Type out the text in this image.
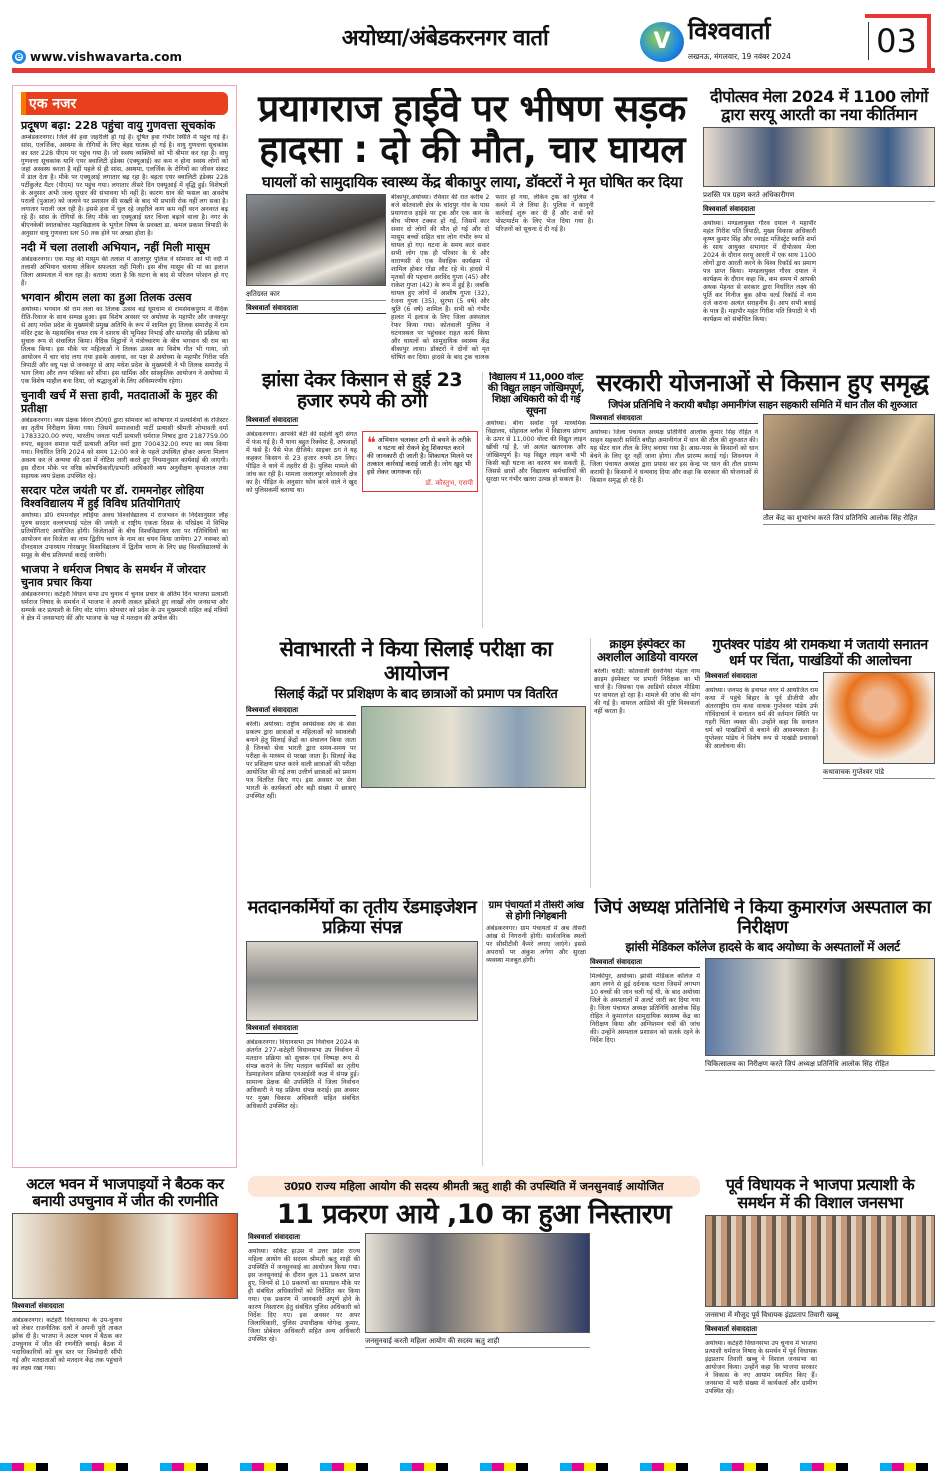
अयोध्या/अंबेडकरनगर वार्ता
e www.vishwavarta.com
V विश्ववार्ता
लखनऊ, मंगलवार, 19 नवंबर 2024	03
एक नजर
प्रदूषण बढ़ा: 228 पहुंचा वायु गुणवत्ता सूचकांक
अम्बेडकरनगर। जिले की हवा जहरीली हो गई है। दूषित हवा गंभीर स्थिति में पहुंच गई है। सांस, एलर्जिक, अस्थमा के रोगियों के लिए बेहद घातक हो गई है। वायु गुणवत्ता सूचकांक का स्तर 228 पीएम पर पहुंच गया है। जो स्वस्थ व्यक्तियों को भी बीमार कर रहा है। वायु गुणवत्ता सूचकांक यानि एयर क्वालिटी इंडेक्स (एक्यूआई) का कम न होना स्वस्थ लोगों को जहां अस्वस्थ करता है वहीं पहले से ही सांस, अस्थमा, एलर्जिक के रोगियों का जीवन संकट में डाल देता है। मौके पर एक्यूआई लगातार बढ़ रहा है। बढ़ता एयर क्वालिटी इंडेक्स 228 पर्टीकुलेट मैटर (पीएम) पर पहुंच गया। लगातार तीसरे दिन एक्यूआई में वृद्धि हुई। विशेषज्ञों के अनुसार अभी जल्द सुधार की संभावना भी नहीं है। कारण धान की फसल का अवशेष पराली (पुआल) को जलाने पर प्रशासन की सख्ती के बाद भी प्रभावी रोक नहीं लग सका है। लगातार पराली जल रही है। इससे हवा में घुल रहे जहरीले कण कम नहीं वरन अनवरत बढ़ रहे हैं। सांस के रोगियों के लिए मौके का एक्यूआई स्तर चिन्ता बढ़ाने वाला है। नगर के बीएनकेबी स्नातकोत्तर महाविद्यालय के भूगोल विषय के प्रवक्ता डा. कमल प्रकाश त्रिपाठी के अनुसार वायु गुणवत्ता स्तर 50 तक होने पर अच्छा होता है।
नदी में चला तलाशी अभियान, नहीं मिली मासूम
अंबेडकरनगर। एक माह की मासूम की तलाश में आलापुर पुलिस ने सोमवार को भी नदी में तलाशी अभियान चलाया लेकिन सफलता नहीं मिली। इस बीच मासूम की मां का इलाज जिला अस्पताल में चल रहा है। बताया जाता है कि घटना के बाद से परिजन परेशान हो गए हैं।
भगवान श्रीराम लला का हुआ तिलक उत्सव
अयोध्या। भगवान श्री राम लला का तिलक उत्सव बड़े धूमधाम से रामसेवकपुरम में वैदिक रीति-रिवाज के साथ सम्पन्न हुआ। इस विशेष अवसर पर अयोध्या के महापौर और जनकपुर से आए मधेश प्रदेश के मुख्यमंत्री प्रमुख अतिथि के रूप में शामिल हुए तिलक समारोह में राम मंदिर ट्रस्ट के महासचिव चंपत राय ने दशरथ की भूमिका निभाई और समारोह की प्रक्रिया को सुचारु रूप से संचालित किया। वैदिक विद्वानों ने मंत्रोच्चारण के बीच भगवान श्री राम का तिलक किया। इस मौके पर महिलाओं ने तिलक उत्सव का विशेष गीत भी गाया, जो आयोजन में चार चांद लगा गया इसके अलावा, वर पक्ष से अयोध्या के महापौर गिरीश पति त्रिपाठी और वधू पक्ष से जनकपुर से आए मधेश प्रदेश के मुख्यमंत्री ने भी तिलक समारोह में भाग लिया और लग्न पत्रिका को सौंपा। इस धार्मिक और सांस्कृतिक आयोजन ने अयोध्या में एक विशेष माहौल बना दिया, जो श्रद्धालुओं के लिए अविस्मरणीय रहेगा।
चुनावी खर्च में सत्ता हावी, मतदाताओं के मुहर की प्रतीक्षा
अंबेडकरनगर। व्यय प्रेक्षक किरन टी0ए0 द्वारा सोमवार को कोषागार में प्रत्याशियों के रजिस्टर का तृतीय निरीक्षण किया गया। जिसमें समाजवादी पार्टी प्रत्याशी श्रीमती शोभावती वर्मा 1783320.00 रुपए, भारतीय जनता पार्टी प्रत्याशी धर्मराज निषाद द्वारा 2187759.00 रुपए, बहुजन समाज पार्टी प्रत्याशी अमित वर्मा द्वारा 700432.00 रुपए का व्यय किया गया। निर्धारित तिथि 2024 को समय 12:00 बजे के पहले उपस्थित होकर अपना मिलान अवश्य कर ले अन्यथा की दशा में नोटिस जारी करते हुए नियमानुसार कार्यवाई की जाएगी। इस दौरान मौके पर वरिष्ठ कोषाधिकारी/प्रभारी अधिकारी व्यय अनुवीक्षण कृपालाल तथा सहायक व्यय प्रेक्षक उपस्थित रहे।
सरदार पटेल जयंती पर डॉ. राममनोहर लोहिया विश्वविद्यालय में हुई विविध प्रतियोगिताएं
अयोध्या। डॉ0 राममनोहर लोहिया अवध विश्वविद्यालय में राजभवन के निर्देशानुसार लौह पुरुष सरदार वल्लभभाई पटेल की जयंती व राष्ट्रीय एकता दिवस के परिप्रेक्ष्य में विभिन्न प्रतियोगिताएं आयोजित होंगी। विजेताओं के बीच विश्वविद्यालय स्तर पर गतिविधियों का आयोजन कर विजेता का नाम द्वितीय चरण के नाम का चयन किया जायेगा। 27 नवम्बर को दीनदयाल उपाध्याय गोरखपुर विश्वविद्यालय में द्वितीय चरण के लिए छह विश्वविद्यालयों के समूह के बीच प्रतिस्पर्धा कराई जायेगी।
भाजपा ने धर्मराज निषाद के समर्थन में जोरदार चुनाव प्रचार किया
अंबेडकरनगर। कटेहरी विधान सभा उप चुनाव में चुनाव प्रचार के अंतिम दिन भाजपा प्रत्याशी धर्मराज निषाद के समर्थन में भाजपा ने अपनी ताकत झोंकते हुए लाखों लोग जनसभा और सम्पर्क कर प्रत्याशी के लिए वोट मांगा। सोमवार को प्रदेश के उप मुख्यमंत्री सहित कई मंत्रियों ने क्षेत्र में जनसभाएं कीं और भाजपा के पक्ष में मतदान की अपील की।
प्रयागराज हाईवे पर भीषण सड़क हादसा : दो की मौत, चार घायल
घायलों को सामुदायिक स्वास्थ्य केंद्र बीकापुर लाया, डॉक्टरों ने मृत घोषित कर दिया
क्षतिग्रस्त कार
विश्ववार्ता संवाददाता
बीकापुर,अयोध्या। रविवार की रात करीब 2 बजे कोतवाली क्षेत्र के चांदपुर गांव के पास प्रयागराज हाईवे पर ट्रक और एक कार के बीच भीषण टक्कर हो गई, जिसमें कार सवार दो लोगों की मौत हो गई और दो मासूम बच्चों सहित चार लोग गंभीर रूप से घायल हो गए। घटना के समय कार सवार सभी लोग एक ही परिवार के थे और वाराणसी से एक वैवाहिक कार्यक्रम में शामिल होकर गोंडा लौट रहे थे। हादसे में मृतकों की पहचान अरविंद गुप्ता (45) और राकेश गुप्ता (42) के रूप में हुई है। जबकि घायल हुए लोगों में आशीष गुप्ता (32), रंजना गुप्ता (35), सुरभा (5 वर्ष) और श्रुति (6 वर्ष) शामिल हैं। सभी को गंभीर हालत में इलाज के लिए जिला अस्पताल रेफर किया गया। कोतवाली पुलिस ने घटनास्थल पर पहुंचकर राहत कार्य किया और घायलों को सामुदायिक स्वास्थ्य केंद्र बीकापुर लाया। डॉक्टरों ने दोनों को मृत घोषित कर दिया। हादसे के बाद ट्रक चालक फरार हो गया, लेकिन ट्रक को पुलिस ने कब्जे में ले लिया है। पुलिस ने कानूनी कार्रवाई शुरू कर दी है और शवों को पोस्टमार्टम के लिए भेज दिया गया है। परिजनों को सूचना दे दी गई है।
दीपोत्सव मेला 2024 में 1100 लोगों द्वारा सरयू आरती का नया कीर्तिमान
प्रशस्ति पत्र ग्रहण करते अधिकारीगण
विश्ववार्ता संवाददाता
अयोध्या। मण्डलायुक्त गौरव दयाल ने महापौर महंत गिरीश पति त्रिपाठी, मुख्य विकास अधिकारी कृष्ण कुमार सिंह और ज्वाइंट मजिस्ट्रेट स्वाति शर्मा के साथ आयुक्त सभागार में दीपोत्सव मेला 2024 के दौरान सरयू आरती में एक साथ 1100 लोगों द्वारा आरती करने के विश्व रिकॉर्ड का प्रमाण पत्र प्राप्त किया। मण्डलायुक्त गौरव दयाल ने कार्यक्रम के दौरान कहा कि, कम समय में आपकी अथक मेहनत से सरकार द्वारा निर्धारित लक्ष्य की पूर्ति कर गिनीज बुक ऑफ वर्ल्ड रिकॉर्ड में नाम दर्ज कराना अत्यंत सराहनीय है। आप सभी बधाई के पात्र हैं। महापौर महंत गिरीश पति त्रिपाठी ने भी कार्यक्रम को संबोधित किया।
झांसा देकर किसान से हुई 23 हजार रुपये की ठगी
विश्ववार्ता संवाददाता
अंबेडकरनगर। आपकी बेटी की सहेली बुरी संगत में फंस गई है। मैं थाना बहुत रिक्वेस्ट है, अफवाहों में फंसे हैं। पैसे भेज दीजिये। साइबर ठग ने यह कहकर किसान से 23 हजार रुपये ठग लिए। पीड़ित ने थाने में तहरीर दी है। पुलिस मामले की जांच कर रही है। मामला जलालपुर कोतवाली क्षेत्र का है। पीड़ित के अनुसार फोन करने वाले ने खुद को पुलिसकर्मी बताया था।
❝ अभियान चलाकर ठगी से बचने के तरीके व घटना को रोकने हेतु शिकायत करने की जानकारी दी जाती है। शिकायत मिलने पर तत्काल कार्रवाई कराई जाती है। लोग खुद भी इसे लेकर जागरूक रहें।
डॉ. कौस्तुभ, एसपी
विद्यालय में 11,000 वोल्ट की विद्युत लाइन जोखिमपूर्ण, शिक्षा अधिकारी को दी गई सूचना
अयोध्या। बीना सर्वांश पूर्व माध्यमिक विद्यालय, सोहावल ब्लॉक में विद्यालय प्रांगण के ऊपर से 11,000 वोल्ट की विद्युत लाइन खींची गई है, जो अत्यंत खतरनाक और जोखिमपूर्ण है। यह विद्युत लाइन कभी भी किसी बड़ी घटना का कारण बन सकती है, जिससे छात्रों और विद्यालय कर्मचारियों की सुरक्षा पर गंभीर खतरा उत्पन्न हो सकता है।
सरकारी योजनाओं से किसान हुए समृद्ध
जिपंअ प्रतिनिधि ने करायी बघौड़ा अमानीगंज साहन सहकारी समिति में धान तौल की शुरुआत
विश्ववार्ता संवाददाता
अयोध्या। जिला पंचायत अध्यक्ष प्रतिनिधि आलोक कुमार सिंह रोहित ने साहन सहकारी समिति बघौड़ा अमानीगंज में धान की तौल की शुरुआत की। यह सेंटर धान तौल के लिए बनाया गया है। आस-पास के किसानों को धान बेचने के लिए दूर नहीं जाना होगा। तौल प्रारम्भ कराई गई। शिवनयन ने जिला पंचायत अध्यक्ष द्वारा प्रयास कर इस केन्द्र पर धान की तौल प्रारम्भ करायी है। किसानों ने धन्यवाद दिया और कहा कि सरकार की योजनाओं से किसान समृद्ध हो रहे हैं।
तौल केंद्र का शुभारंभ करते जिपं प्रतिनिधि आलोक सिंह रोहित
सेवाभारती ने किया सिलाई परीक्षा का आयोजन
सिलाई केंद्रों पर प्रशिक्षण के बाद छात्राओं को प्रमाण पत्र वितरित
विश्ववार्ता संवाददाता
बरेली। अयोध्या: राष्ट्रीय स्वयंसेवक संघ के सेवा प्रकल्प द्वारा छात्राओं व महिलाओं को स्वावलंबी बनाने हेतु सिलाई केंद्रों का संचालन किया जाता है जिनको सेवा भारती द्वारा समय-समय पर परीक्षा के माध्यम से परखा जाता है। सिलाई केंद्र पर प्रशिक्षण प्राप्त करने वाली छात्राओं की परीक्षा आयोजित की गई तथा उत्तीर्ण छात्राओं को प्रमाण पत्र वितरित किए गए। इस अवसर पर सेवा भारती के कार्यकर्ता और बड़ी संख्या में छात्राएं उपस्थित रहीं।
क्राइम इंस्पेक्टर का अशलील आडियो वायरल
बरेली। चरेड़ी: कोतवाली देवरनियां मेहता नाथ क्राइम इंस्पेक्टर पर प्रभारी निरीक्षक का भी चार्ज है। जिसका एक आडियो सोशल मीडिया पर वायरल हो रहा है। मामले की जांच की मांग की गई है। वायरल आडियो की पुष्टि विश्ववार्ता नहीं करता है।
गुप्तेश्वर पांडेय श्री रामकथा में जतायी सनातन धर्म पर चिंता, पाखंडियों की आलोचना
विश्ववार्ता संवाददाता
अयोध्या। जनपद के इनायत नगर में आयोजित राम कथा में पहुंचे बिहार के पूर्व डीजीपी और अंतरराष्ट्रीय राम कथा वाचक गुप्तेश्वर पांडेय उर्फ गोविंदाचार्य ने सनातन धर्म की वर्तमान स्थिति पर गहरी चिंता व्यक्त की। उन्होंने कहा कि सनातन धर्म को पाखंडियों से बचाने की आवश्यकता है। गुप्तेश्वर पांडेय ने विशेष रूप से पाखंडी प्रचारकों की आलोचना की।
कथावाचक गुप्तेश्वर पांडे
मतदानकर्मियों का तृतीय रेंडमाइजेशन प्रक्रिया संपन्न
विश्ववार्ता संवाददाता
अंबेडकरनगर। विधानसभा उप निर्वाचन 2024 के अंतर्गत 277-कटेहरी विधानसभा उप निर्वाचन में मतदान प्रक्रिया को सुचारू एवं निष्पक्ष रूप से संपन्न कराने के लिए मतदान कार्मिकों का तृतीय रेंडमाइजेशन प्रक्रिया एनआईसी कक्ष में संपन्न हुई। सामान्य प्रेक्षक की उपस्थिति में जिला निर्वाचन अधिकारी ने यह प्रक्रिया संपन्न कराई। इस अवसर पर मुख्य विकास अधिकारी सहित संबंधित अधिकारी उपस्थित रहे।
ग्राम पंचायतों में तीसरी आंख से होगी निगेहबानी
अंबेडकरनगर। ग्राम पंचायतों में अब तीसरी आंख से निगरानी होगी। सार्वजनिक स्थलों पर सीसीटीवी कैमरे लगाए जाएंगे। इससे अपराधों पर अंकुश लगेगा और सुरक्षा व्यवस्था मजबूत होगी।
जिपं अध्यक्ष प्रतिनिधि ने किया कुमारगंज अस्पताल का निरीक्षण
झांसी मेडिकल कॉलेज हादसे के बाद अयोध्या के अस्पतालों में अलर्ट
विश्ववार्ता संवाददाता
मिल्कीपुर, अयोध्या। झांसी मेडिकल कॉलेज में आग लगने से हुई दर्दनाक घटना जिसमें लगभग 10 बच्चों की जान चली गई थी, के बाद अयोध्या जिले के अस्पतालों में अलर्ट जारी कर दिया गया है। जिला पंचायत अध्यक्ष प्रतिनिधि आलोक सिंह रोहित ने कुमारगंज सामुदायिक स्वास्थ्य केंद्र का निरीक्षण किया और अग्निशमन यंत्रों की जांच की। उन्होंने अस्पताल प्रशासन को सतर्क रहने के निर्देश दिए।
चिकित्सालय का निरीक्षण करते जिपं अध्यक्ष प्रतिनिधि आलोक सिंह रोहित
अटल भवन में भाजपाइयों ने बैठक कर बनायी उपचुनाव में जीत की रणनीति
विश्ववार्ता संवाददाता
अंबेडकरनगर। कटेहरी विधानसभा के उप-चुनाव को लेकर राजनीतिक दलों ने अपनी पूरी ताकत झोंक दी है। भाजपा ने अटल भवन में बैठक कर उपचुनाव में जीत की रणनीति बनाई। बैठक में पदाधिकारियों को बूथ स्तर पर जिम्मेदारी सौंपी गई और मतदाताओं को मतदान केंद्र तक पहुंचाने का लक्ष्य रखा गया।
उ0प्र0 राज्य महिला आयोग की सदस्य श्रीमती ऋतु शाही की उपस्थिति में जनसुनवाई आयोजित
11 प्रकरण आये ,10 का हुआ निस्तारण
विश्ववार्ता संवाददाता
अयोध्या। सर्किट हाउस में उत्तर प्रदेश राज्य महिला आयोग की सदस्य श्रीमती ऋतु शाही की उपस्थिति में जनसुनवाई का आयोजन किया गया। इस जनसुनवाई के दौरान कुल 11 प्रकरण प्राप्त हुए, जिनमें से 10 प्रकरणों का समाधान मौके पर ही संबंधित अधिकारियों को निर्देशित कर किया गया। एक प्रकरण में जानकारी अपूर्ण होने के कारण निस्तारण हेतु संबंधित पुलिस अधिकारी को निर्देश दिए गए। इस अवसर पर अपर जिलाधिकारी, पुलिस उपाधीक्षक योगेन्द्र कुमार, जिला प्रोबेशन अधिकारी सहित अन्य अधिकारी उपस्थित रहे।	जनसुनवाई करती महिला आयोग की सदस्य ऋतु शाही
पूर्व विधायक ने भाजपा प्रत्याशी के समर्थन में की विशाल जनसभा
जनसभा में मौजूद पूर्व विधायक इंद्रप्रताप तिवारी खब्बू
विश्ववार्ता संवाददाता
अयोध्या। कटेहरी विधानसभा उप चुनाव में भाजपा प्रत्याशी धर्मराज निषाद के समर्थन में पूर्व विधायक इंद्रप्रताप तिवारी खब्बू ने विशाल जनसभा का आयोजन किया। उन्होंने कहा कि भाजपा सरकार ने विकास के नए आयाम स्थापित किए हैं। जनसभा में भारी संख्या में कार्यकर्ता और ग्रामीण उपस्थित रहे।
